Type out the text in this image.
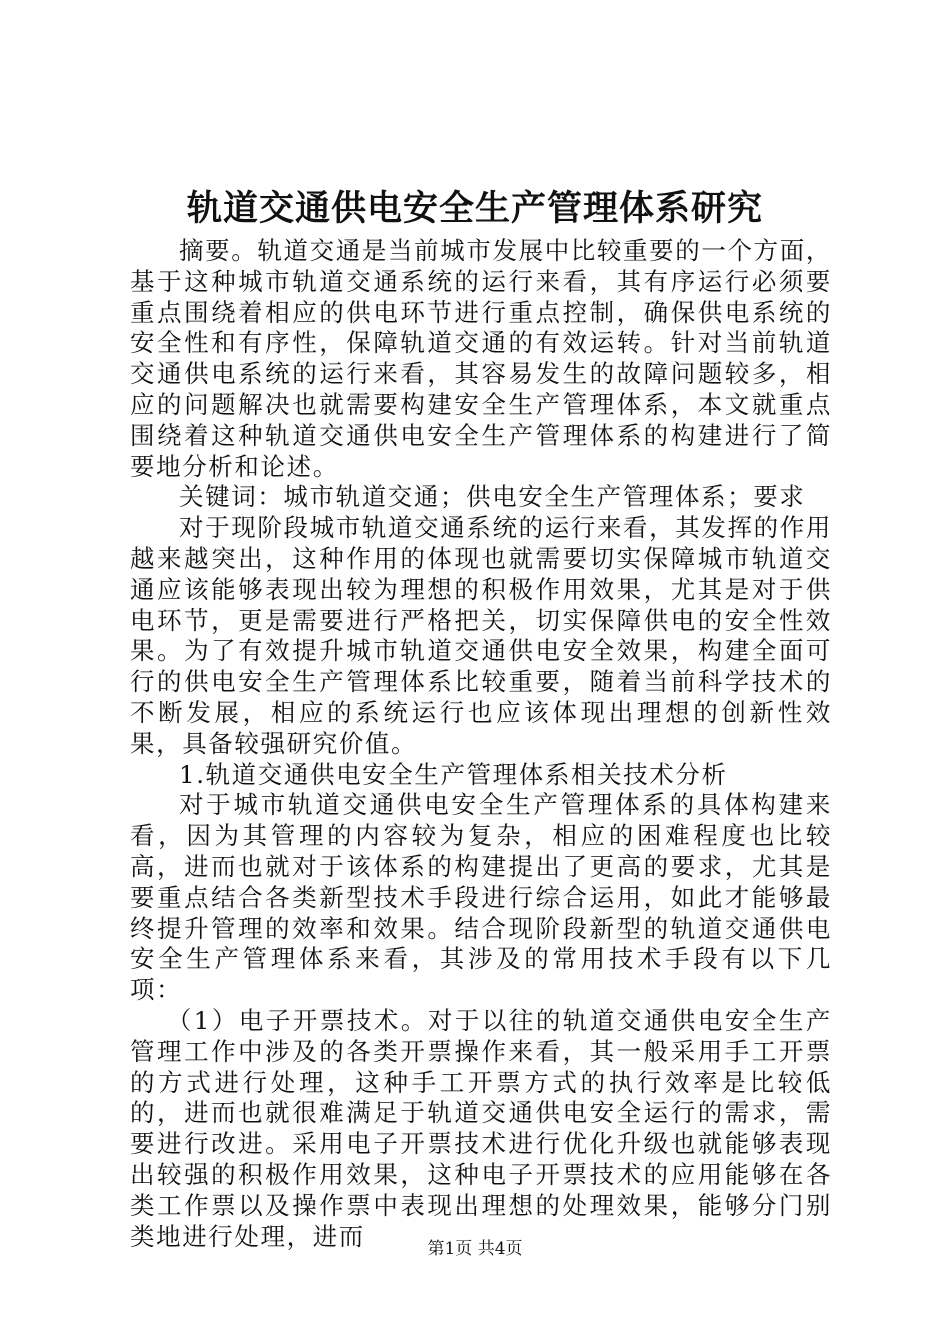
轨道交通供电安全生产管理体系研究

摘要。轨道交通是当前城市发展中比较重要的一个方面，基于这种城市轨道交通系统的运行来看，其有序运行必须要重点围绕着相应的供电环节进行重点控制，确保供电系统的安全性和有序性，保障轨道交通的有效运转。针对当前轨道交通供电系统的运行来看，其容易发生的故障问题较多，相应的问题解决也就需要构建安全生产管理体系，本文就重点围绕着这种轨道交通供电安全生产管理体系的构建进行了简要地分析和论述。

关键词：城市轨道交通；供电安全生产管理体系；要求

对于现阶段城市轨道交通系统的运行来看，其发挥的作用越来越突出，这种作用的体现也就需要切实保障城市轨道交通应该能够表现出较为理想的积极作用效果，尤其是对于供电环节，更是需要进行严格把关，切实保障供电的安全性效果。为了有效提升城市轨道交通供电安全效果，构建全面可行的供电安全生产管理体系比较重要，随着当前科学技术的不断发展，相应的系统运行也应该体现出理想的创新性效果，具备较强研究价值。

1.轨道交通供电安全生产管理体系相关技术分析

对于城市轨道交通供电安全生产管理体系的具体构建来看，因为其管理的内容较为复杂，相应的困难程度也比较高，进而也就对于该体系的构建提出了更高的要求，尤其是要重点结合各类新型技术手段进行综合运用，如此才能够最终提升管理的效率和效果。结合现阶段新型的轨道交通供电安全生产管理体系来看，其涉及的常用技术手段有以下几项：

（1）电子开票技术。对于以往的轨道交通供电安全生产管理工作中涉及的各类开票操作来看，其一般采用手工开票的方式进行处理，这种手工开票方式的执行效率是比较低的，进而也就很难满足于轨道交通供电安全运行的需求，需要进行改进。采用电子开票技术进行优化升级也就能够表现出较强的积极作用效果，这种电子开票技术的应用能够在各类工作票以及操作票中表现出理想的处理效果，能够分门别类地进行处理，进而	第1页 共4页
